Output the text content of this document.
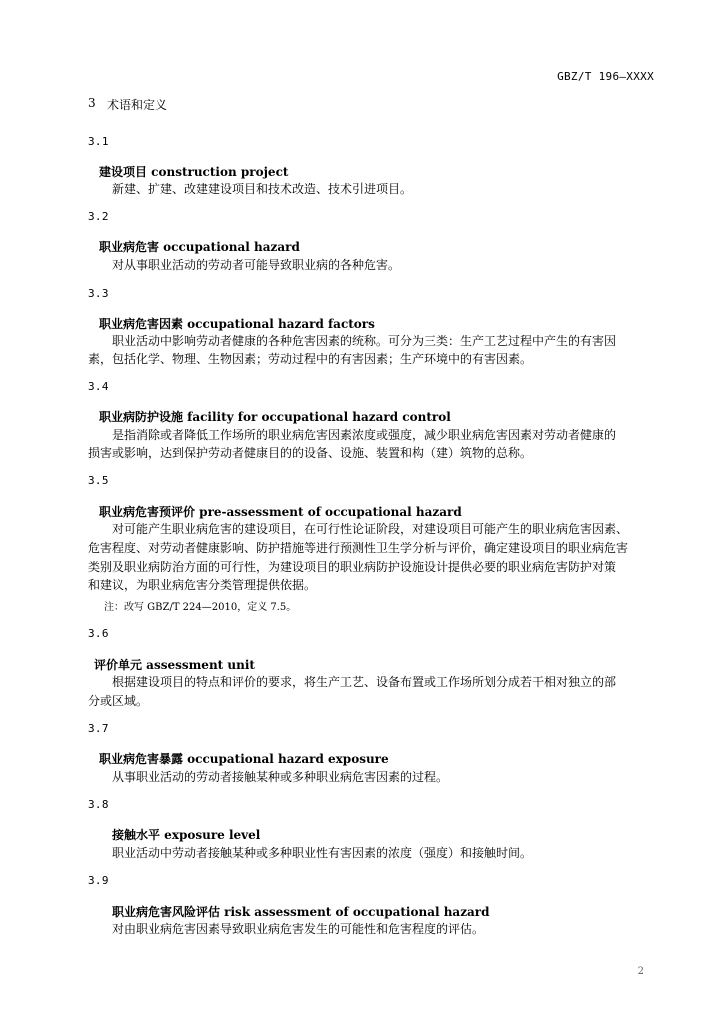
GBZ/T 196—XXXX
3 术语和定义
3.1
建设项目 construction project
新建、扩建、改建建设项目和技术改造、技术引进项目。
3.2
职业病危害 occupational hazard
对从事职业活动的劳动者可能导致职业病的各种危害。
3.3
职业病危害因素 occupational hazard factors
职业活动中影响劳动者健康的各种危害因素的统称。可分为三类：生产工艺过程中产生的有害因
素，包括化学、物理、生物因素；劳动过程中的有害因素；生产环境中的有害因素。
3.4
职业病防护设施 facility for occupational hazard control
是指消除或者降低工作场所的职业病危害因素浓度或强度，减少职业病危害因素对劳动者健康的
损害或影响，达到保护劳动者健康目的的设备、设施、装置和构（建）筑物的总称。
3.5
职业病危害预评价 pre-assessment of occupational hazard
对可能产生职业病危害的建设项目，在可行性论证阶段，对建设项目可能产生的职业病危害因素、
危害程度、对劳动者健康影响、防护措施等进行预测性卫生学分析与评价，确定建设项目的职业病危害
类别及职业病防治方面的可行性，为建设项目的职业病防护设施设计提供必要的职业病危害防护对策
和建议，为职业病危害分类管理提供依据。
注：改写 GBZ/T 224—2010，定义 7.5。
3.6
评价单元 assessment unit
根据建设项目的特点和评价的要求，将生产工艺、设备布置或工作场所划分成若干相对独立的部
分或区域。
3.7
职业病危害暴露 occupational hazard exposure
从事职业活动的劳动者接触某种或多种职业病危害因素的过程。
3.8
接触水平 exposure level
职业活动中劳动者接触某种或多种职业性有害因素的浓度（强度）和接触时间。
3.9
职业病危害风险评估 risk assessment of occupational hazard
对由职业病危害因素导致职业病危害发生的可能性和危害程度的评估。
2
